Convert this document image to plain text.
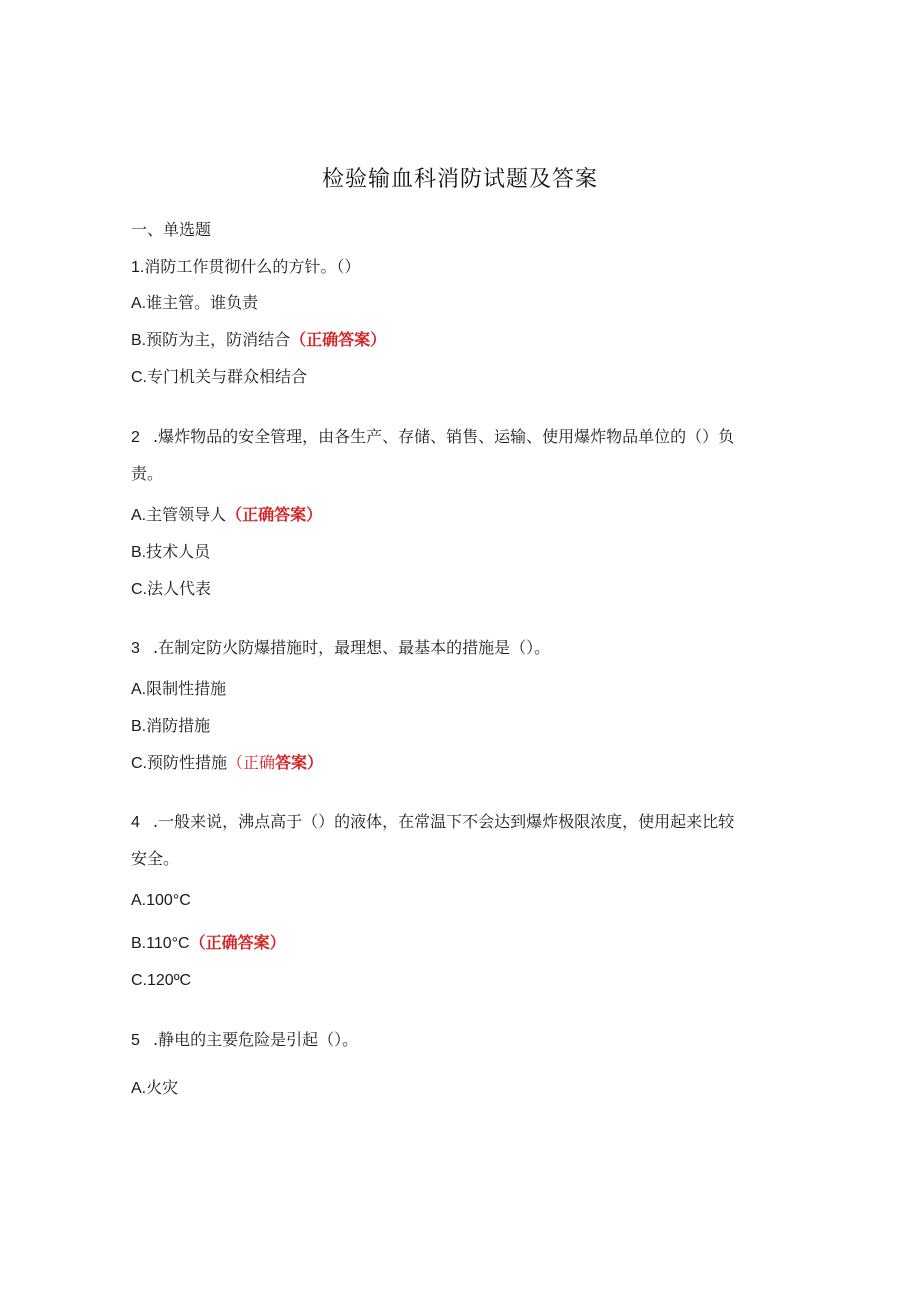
检验输血科消防试题及答案
一、单选题
1.消防工作贯彻什么的方针。（）
A.谁主管。谁负责
B.预防为主，防消结合（正确答案）
C.专门机关与群众相结合
2 .爆炸物品的安全管理，由各生产、存储、销售、运输、使用爆炸物品单位的（）负
责。
A.主管领导人（正确答案）
B.技术人员
C.法人代表
3 .在制定防火防爆措施时，最理想、最基本的措施是（）。
A.限制性措施
B.消防措施
C.预防性措施（正确答案）
4 .一般来说，沸点高于（）的液体，在常温下不会达到爆炸极限浓度，使用起来比较
安全。
A.100°C
B.110°C（正确答案）
C.120ºC
5 .静电的主要危险是引起（）。
A.火灾
